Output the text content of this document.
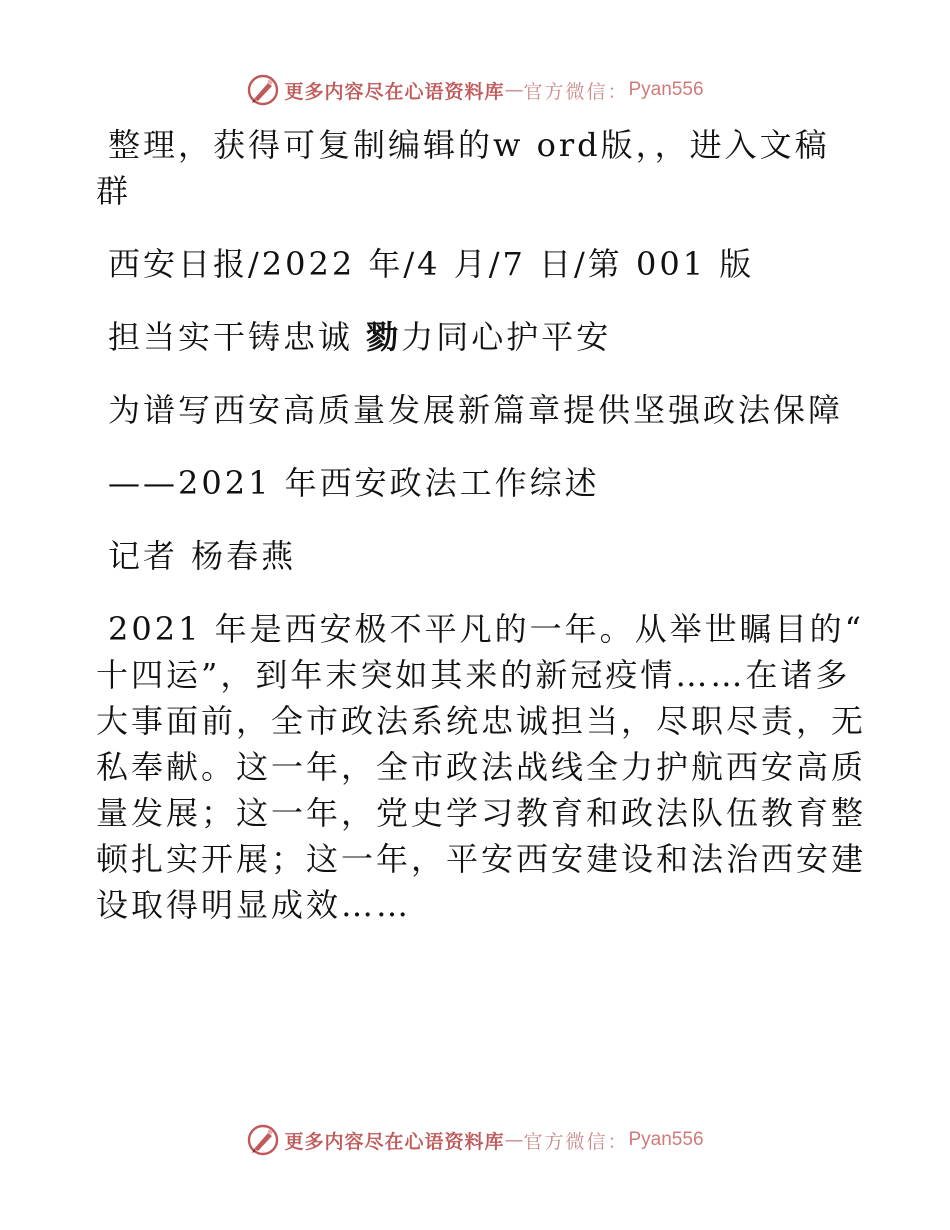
更多内容尽在心语资料库 — 官方微信： Pyan556
整理，获得可复制编辑的w ord版，，进入文稿
群
西安日报/2022 年/4 月/7 日/第 001 版
担当实干铸忠诚 勠力同心护平安
为谱写西安高质量发展新篇章提供坚强政法保障
——2021 年西安政法工作综述
记者 杨春燕
2021 年是西安极不平凡的一年。从举世瞩目的“
十四运”，到年末突如其来的新冠疫情……在诸多
大事面前，全市政法系统忠诚担当，尽职尽责，无
私奉献。这一年，全市政法战线全力护航西安高质
量发展；这一年，党史学习教育和政法队伍教育整
顿扎实开展；这一年，平安西安建设和法治西安建
设取得明显成效……
更多内容尽在心语资料库 — 官方微信： Pyan556
